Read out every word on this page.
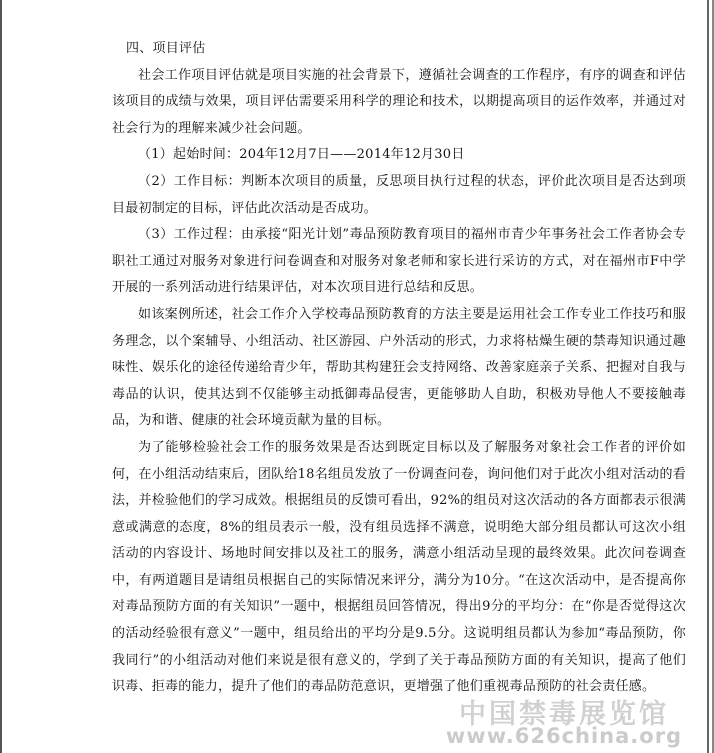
四、项目评估

社会工作项目评估就是项目实施的社会背景下，遵循社会调查的工作程序，有序的调查和评估该项目的成绩与效果，项目评估需要采用科学的理论和技术，以期提高项目的运作效率，并通过对社会行为的理解来减少社会问题。

（1）起始时间：204年12月7日——2014年12月30日

（2）工作目标：判断本次项目的质量，反思项目执行过程的状态，评价此次项目是否达到项目最初制定的目标，评估此次活动是否成功。

（3）工作过程：由承接“阳光计划”毒品预防教育项目的福州市青少年事务社会工作者协会专职社工通过对服务对象进行问卷调查和对服务对象老师和家长进行采访的方式，对在福州市F中学开展的一系列活动进行结果评估，对本次项目进行总结和反思。

如该案例所述，社会工作介入学校毒品预防教育的方法主要是运用社会工作专业工作技巧和服务理念，以个案辅导、小组活动、社区游园、户外活动的形式，力求将枯燥生硬的禁毒知识通过趣味性、娱乐化的途径传递给青少年，帮助其构建狂会支持网络、改善家庭亲子关系、把握对自我与毒品的认识，使其达到不仅能够主动抵御毒品侵害，更能够助人自助，积极劝导他人不要接触毒品，为和谐、健康的社会环境贡献为量的目标。

为了能够检验社会工作的服务效果是否达到既定目标以及了解服务对象社会工作者的评价如何，在小组活动结束后，团队给18名组员发放了一份调查问卷，询问他们对于此次小组对活动的看法，并检验他们的学习成效。根据组员的反馈可看出，92%的组员对这次活动的各方面都表示很满意或满意的态度，8%的组员表示一般，没有组员选择不满意，说明绝大部分组员都认可这次小组活动的内容设计、场地时间安排以及社工的服务，满意小组活动呈现的最终效果。此次问卷调查中，有两道题目是请组员根据自己的实际情况来评分，满分为10分。“在这次活动中，是否提高你对毒品预防方面的有关知识”一题中，根据组员回答情况，得出9分的平均分：在“你是否觉得这次的活动经验很有意义”一题中，组员给出的平均分是9.5分。这说明组员都认为参加“毒品预防，你我同行”的小组活动对他们来说是很有意义的，学到了关于毒品预防方面的有关知识，提高了他们识毒、拒毒的能力，提升了他们的毒品防范意识，更增强了他们重视毒品预防的社会责任感。

中国禁毒展览馆
www.626china.org
